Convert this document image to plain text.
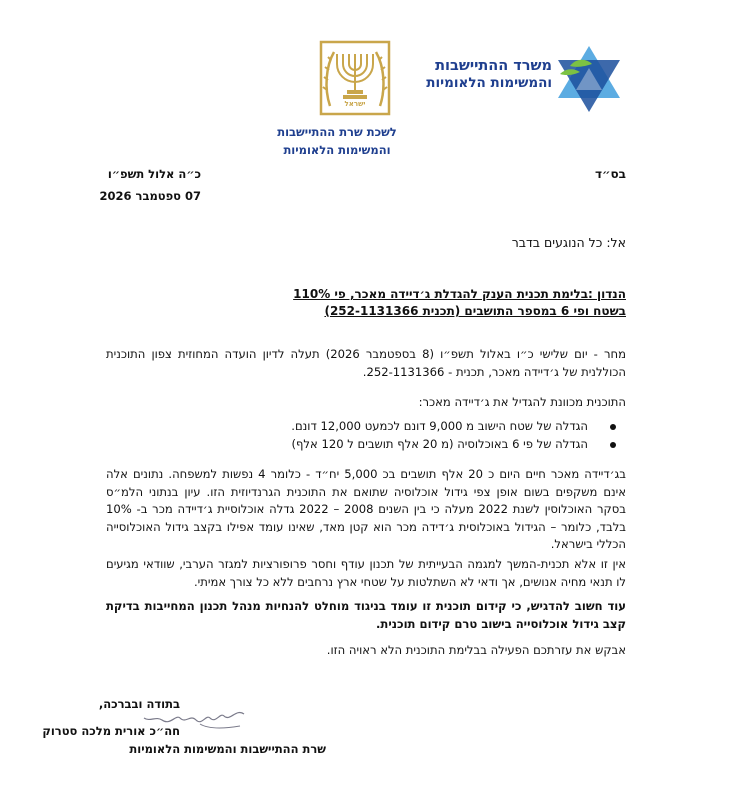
משרד ההתיישבות
והמשימות הלאומיות
ישראל
לשכת שרת ההתיישבות
והמשימות הלאומיות
בס״ד
כ״ה אלול תשפ״ו
07 ספטמבר 2026
אל: כל הנוגעים בדבר
הנדון :בלימת תכנית הענק להגדלת ג׳דיידה מאכר, פי 110%
בשטח ופי 6 במספר התושבים (תכנית 252-1131366)
מחר - יום שלישי כ״ו באלול תשפ״ו (8 בספטמבר 2026) תעלה לדיון הועדה המחוזית צפון התוכנית הכוללנית של ג׳דיידה מאכר, תכנית - 252-1131366.
התוכנית מכוונת להגדיל את ג׳דיידה מאכר:
הגדלה של שטח הישוב מ 9,000 דונם לכמעט 12,000 דונם.
הגדלה של פי 6 באוכלוסיה (מ 20 אלף תושבים ל 120 אלף)
בג׳דיידה מאכר חיים היום כ 20 אלף תושבים בכ 5,000 יח״ד - כלומר 4 נפשות למשפחה. נתונים אלה אינם משקפים בשום אופן צפי גידול אוכלוסיה שתואם את התוכנית הגרנדיוזית הזו. עיון בנתוני הלמ״ס בסקר האוכלוסין לשנת 2022 מעלה כי בין השנים 2008 – 2022 גדלה אוכלוסיית ג׳דיידה מכר ב- 10% בלבד, כלומר – הגידול באוכלוסית ג׳דידה מכר הוא קטן מאד, שאינו עומד אפילו בקצב גידול האוכלוסייה הכללי בישראל.
אין זו אלא תכנית-המשך למגמה הבעייתית של תכנון עודף וחסר פרופורציות למגזר הערבי, שוודאי מגיעים לו תנאי מחיה אנושים, אך ודאי לא השתלטות על שטחי ארץ נרחבים ללא כל צורך אמיתי.
עוד חשוב להדגיש, כי קידום תוכנית זו עומד בניגוד מוחלט להנחיות מנהל תכנון המחייבות בדיקת קצב גידול אוכלוסייה בישוב טרם קידום תוכנית.
אבקש את עזרתכם הפעילה בבלימת התוכנית הלא ראויה הזו.
בתודה ובברכה,
חה״כ אורית מלכה סטרוק
שרת ההתיישבות והמשימות הלאומיות
